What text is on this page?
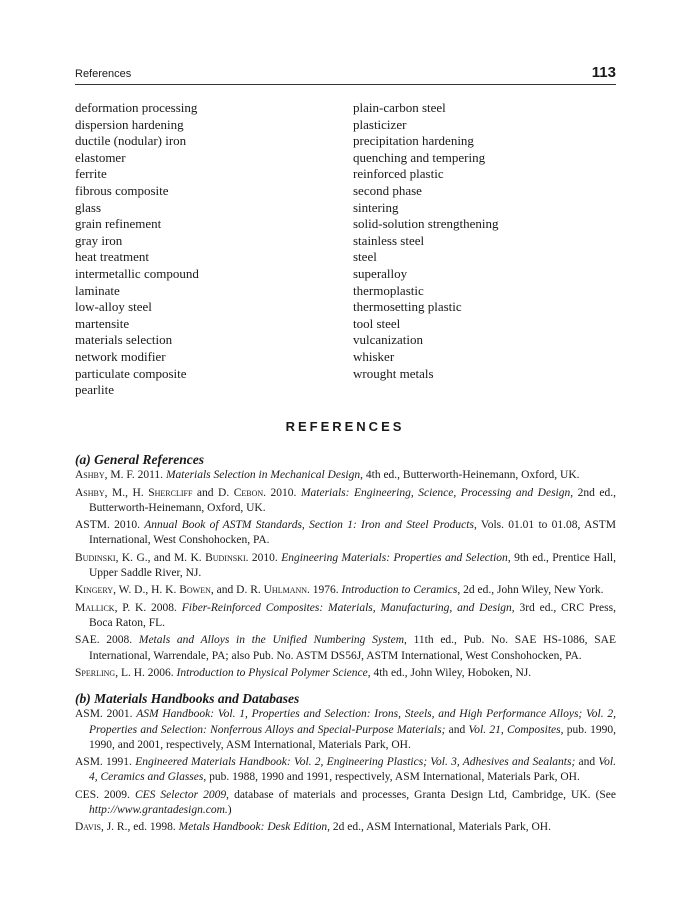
References	113
deformation processing
dispersion hardening
ductile (nodular) iron
elastomer
ferrite
fibrous composite
glass
grain refinement
gray iron
heat treatment
intermetallic compound
laminate
low-alloy steel
martensite
materials selection
network modifier
particulate composite
pearlite
plain-carbon steel
plasticizer
precipitation hardening
quenching and tempering
reinforced plastic
second phase
sintering
solid-solution strengthening
stainless steel
steel
superalloy
thermoplastic
thermosetting plastic
tool steel
vulcanization
whisker
wrought metals
REFERENCES
(a) General References
Ashby, M. F. 2011. Materials Selection in Mechanical Design, 4th ed., Butterworth-Heinemann, Oxford, UK.
Ashby, M., H. Shercliff and D. Cebon. 2010. Materials: Engineering, Science, Processing and Design, 2nd ed., Butterworth-Heinemann, Oxford, UK.
ASTM. 2010. Annual Book of ASTM Standards, Section 1: Iron and Steel Products, Vols. 01.01 to 01.08, ASTM International, West Conshohocken, PA.
Budinski, K. G., and M. K. Budinski. 2010. Engineering Materials: Properties and Selection, 9th ed., Prentice Hall, Upper Saddle River, NJ.
Kingery, W. D., H. K. Bowen, and D. R. Uhlmann. 1976. Introduction to Ceramics, 2d ed., John Wiley, New York.
Mallick, P. K. 2008. Fiber-Reinforced Composites: Materials, Manufacturing, and Design, 3rd ed., CRC Press, Boca Raton, FL.
SAE. 2008. Metals and Alloys in the Unified Numbering System, 11th ed., Pub. No. SAE HS-1086, SAE International, Warrendale, PA; also Pub. No. ASTM DS56J, ASTM International, West Conshohocken, PA.
Sperling, L. H. 2006. Introduction to Physical Polymer Science, 4th ed., John Wiley, Hoboken, NJ.
(b) Materials Handbooks and Databases
ASM. 2001. ASM Handbook: Vol. 1, Properties and Selection: Irons, Steels, and High Performance Alloys; Vol. 2, Properties and Selection: Nonferrous Alloys and Special-Purpose Materials; and Vol. 21, Composites, pub. 1990, 1990, and 2001, respectively, ASM International, Materials Park, OH.
ASM. 1991. Engineered Materials Handbook: Vol. 2, Engineering Plastics; Vol. 3, Adhesives and Sealants; and Vol. 4, Ceramics and Glasses, pub. 1988, 1990 and 1991, respectively, ASM International, Materials Park, OH.
CES. 2009. CES Selector 2009, database of materials and processes, Granta Design Ltd, Cambridge, UK. (See http://www.grantadesign.com.)
Davis, J. R., ed. 1998. Metals Handbook: Desk Edition, 2d ed., ASM International, Materials Park, OH.
